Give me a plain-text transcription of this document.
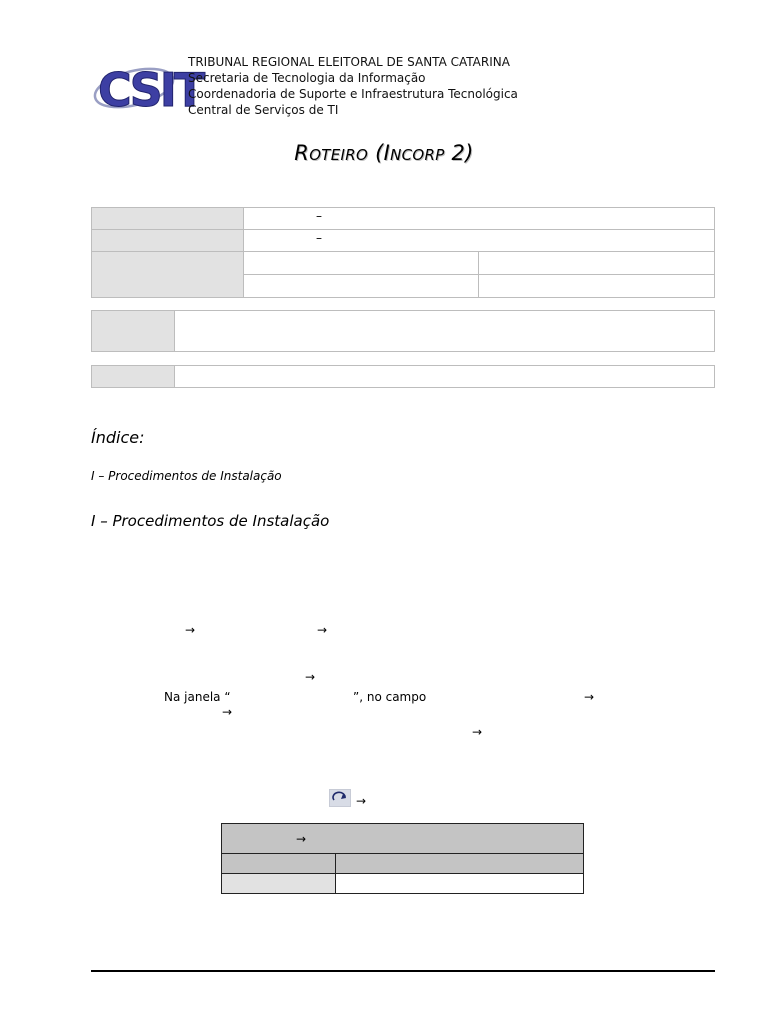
CSIT
TRIBUNAL REGIONAL ELEITORAL DE SANTA CATARINA
Secretaria de Tecnologia da Informação
Coordenadoria de Suporte e Infraestrutura Tecnológica
Central de Serviços de TI
ROTEIRO (INCORP 2)

–
–

Índice:
I – Procedimentos de Instalação
I – Procedimentos de Instalação
→	→
→
→
→
→
→
Na janela “	”, no campo
→	
